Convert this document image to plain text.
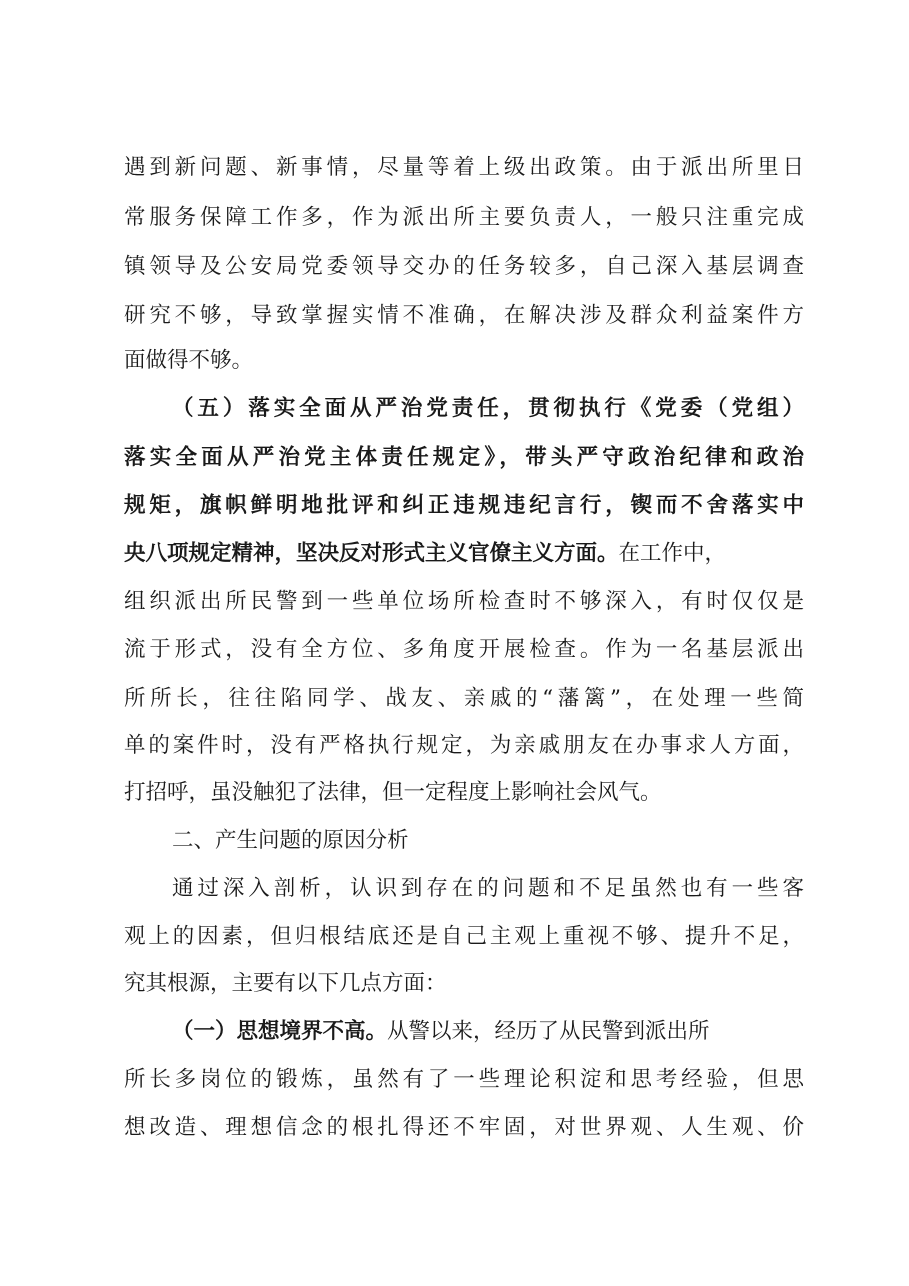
遇到新问题、新事情，尽量等着上级出政策。由于派出所里日
常服务保障工作多，作为派出所主要负责人，一般只注重完成
镇领导及公安局党委领导交办的任务较多，自己深入基层调查
研究不够，导致掌握实情不准确，在解决涉及群众利益案件方
面做得不够。
（五）落实全面从严治党责任，贯彻执行《党委（党组）
落实全面从严治党主体责任规定》，带头严守政治纪律和政治
规矩，旗帜鲜明地批评和纠正违规违纪言行，锲而不舍落实中
央八项规定精神，坚决反对形式主义官僚主义方面。在工作中，
组织派出所民警到一些单位场所检查时不够深入，有时仅仅是
流于形式，没有全方位、多角度开展检查。作为一名基层派出
所所长，往往陷同学、战友、亲戚的“藩篱”，在处理一些简
单的案件时，没有严格执行规定，为亲戚朋友在办事求人方面，
打招呼，虽没触犯了法律，但一定程度上影响社会风气。
二、产生问题的原因分析
通过深入剖析，认识到存在的问题和不足虽然也有一些客
观上的因素，但归根结底还是自己主观上重视不够、提升不足，
究其根源，主要有以下几点方面：
（一）思想境界不高。从警以来，经历了从民警到派出所
所长多岗位的锻炼，虽然有了一些理论积淀和思考经验，但思
想改造、理想信念的根扎得还不牢固，对世界观、人生观、价
